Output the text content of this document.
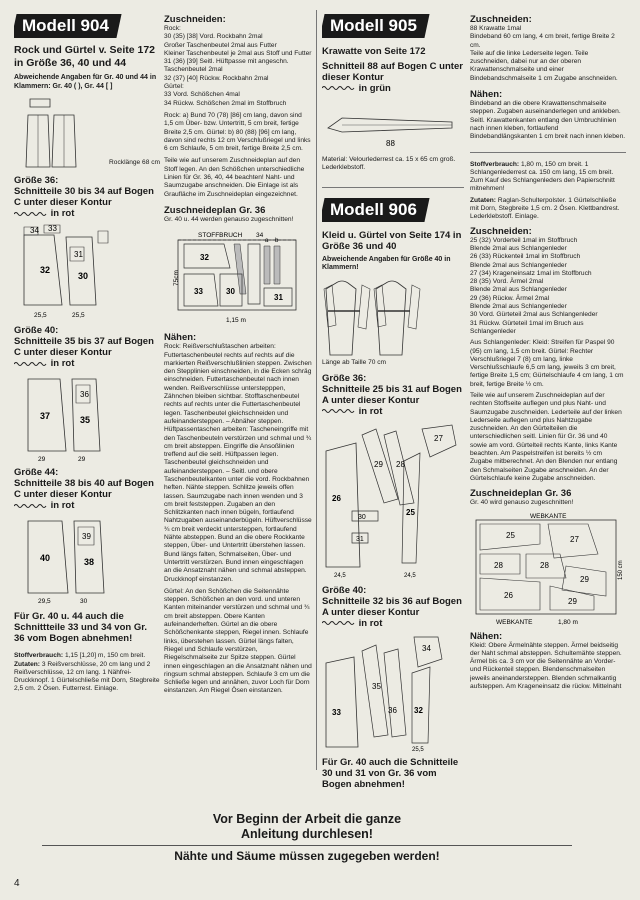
Modell 904

Rock und Gürtel v. Seite 172 in Größe 36, 40 und 44

Abweichende Angaben für Gr. 40 und 44 in Klammern: Gr. 40 ( ), Gr. 44 [ ]

Rocklänge 68 cm

Größe 36:

Schnitteile 30 bis 34 auf Bogen C unter dieser Kontur

in rot

34 33
32
31
30
25,5	25,5

Größe 40:

Schnitteile 35 bis 37 auf Bogen C unter dieser Kontur

in rot

36
37	35
29	29

Größe 44:

Schnitteile 38 bis 40 auf Bogen C unter dieser Kontur

in rot

39
40	38
29,5	30

Für Gr. 40 u. 44 auch die Schnittteile 33 und 34 von Gr. 36 vom Bogen abnehmen!

Stoffverbrauch: 1,15 [1,20] m, 150 cm breit.

Zutaten: 3 Reißverschlüsse, 20 cm lang und 2 Reißverschlüsse, 12 cm lang. 1 Nähfrei-Druckknopf. 1 Gürtelschließe mit Dorn, Stegbreite 2,5 cm. 2 Ösen. Futterrest. Einlage.

Zuschneiden:

Rock:
30 (35) [38] Vord. Rockbahn 2mal
Großer Taschenbeutel 2mal aus Futter
Kleiner Taschenbeutel je 2mal aus Stoff und Futter
31 (36) [39] Seitl. Hüftpasse mit angeschn. Taschenbeutel 2mal
32 (37) [40] Rückw. Rockbahn 2mal
Gürtel:
33 Vord. Schößchen 4mal
34 Rückw. Schößchen 2mal im Stoffbruch

Rock: a) Bund 70 (78) [86] cm lang, davon sind 1,5 cm Über- bzw. Untertritt, 5 cm breit, fertige Breite 2,5 cm. Gürtel: b) 80 (88) [96] cm lang, davon sind rechts 12 cm Verschlußriegel und links 6 cm Schlaufe, 5 cm breit, fertige Breite 2,5 cm.

Teile wie auf unserem Zuschneideplan auf den Stoff legen. An den Schößchen unterschiedliche Linien für Gr. 36, 40, 44 beachten! Naht- und Saumzugabe anschneiden. Die Einlage ist als Graufläche im Zuschneideplan eingezeichnet.

Zuschneideplan Gr. 36

Gr. 40 u. 44 werden genauso zugeschnitten!

STOFFBRUCH 34
75cm
32
33	30
31
a b
1,15 m

Nähen:

Rock: Reißverschlußtaschen arbeiten: Futtertaschenbeutel rechts auf rechts auf die markierten Reißverschlußlinien steppen. Zwischen den Stepplinien einschneiden, in die Ecken schräg einschneiden. Futtertaschenbeutel nach innen wenden. Reißverschlüsse unterstepppen, Zähnchen bleiben sichtbar. Stofftaschenbeutel rechts auf rechts unter die Futtertaschenbeutel legen. Taschenbeutel gleichschneiden und aufeinandersteppen. – Abnäher steppen. Hüftpassentaschen arbeiten: Tascheneingriffe mit den Taschenbeuteln verstürzen und schmal und ¾ cm breit absteppen. Eingriffe die Ansoßlinien treffend auf die seitl. Hüftpassen legen. Taschenbeutel gleichschneiden und aufeinandersteppen. – Seitl. und obere Taschenbeutelkanten unter die vord. Rockbahnen heften. Nähte steppen. Schlitze jeweils offen lassen. Saumzugabe nach innen wenden und 3 cm breit feststeppen. Zugaben an den Schlitzkanten nach innen bügeln, fortlaufend Nahtzugaben auseinanderbügeln. Hüftverschlüsse ¾ cm breit verdeckt untersteppen, fortlaufend Nähte absteppen. Bund an die obere Rockkante steppen, Über- und Untertritt überstehen lassen. Bund längs falten, Schmalseiten, Über- und Untertritt verstürzen. Bund innen eingeschlagen an die Ansatznaht nähen und schmal absteppen. Druckknopf einstanzen.

Gürtel: An den Schößchen die Seitennähte steppen. Schößchen an den vord. und unteren Kanten miteinander verstürzen und schmal und ¾ cm breit absteppen. Obere Kanten aufeinanderheften. Gürtel an die obere Schößchenkante steppen, Riegel innen. Schlaufe links, überstehen lassen. Gürtel längs falten, Riegel und Schlaufe verstürzen, Riegelschmalseite zur Spitze steppen. Gürtel innen eingeschlagen an die Ansatznaht nähen und ringsum schmal absteppen. Schlaufe 3 cm um die Schließe legen und annähen, zuvor Loch für Dorn einstanzen. Am Riegel Ösen einstanzen.

Modell 905

Krawatte von Seite 172

Schnitteil 88 auf Bogen C unter dieser Kontur

in grün

88

Material: Velourlederrest ca. 15 x 65 cm groß. Lederklebstoff.

Modell 906

Kleid u. Gürtel von Seite 174 in Größe 36 und 40

Abweichende Angaben für Größe 40 in Klammern!

Länge ab Taille 70 cm

Größe 36:

Schnitteile 25 bis 31 auf Bogen A unter dieser Kontur

in rot

27
29 28
26
25
30
31
24,5	24,5

Größe 40:

Schnitteile 32 bis 36 auf Bogen A unter dieser Kontur

in rot

34
35
33	36 32
25,5

Für Gr. 40 auch die Schnitteile 30 und 31 von Gr. 36 vom Bogen abnehmen!

Zuschneiden:

88 Krawatte 1mal
Bindeband 60 cm lang, 4 cm breit, fertige Breite 2 cm.
Teile auf die linke Lederseite legen. Teile zuschneiden, dabei nur an der oberen Krawattenschmalseite und einer Bindebandschmalseite 1 cm Zugabe anschneiden.

Nähen:

Bindeband an die obere Krawattenschmalseite steppen. Zugaben auseinanderlegen und ankleben. Seitl. Krawattenkanten entlang den Umbruchlinien nach innen kleben, fortlaufend Bindebandlängskanten 1 cm breit nach innen kleben.

Stoffverbrauch: 1,80 m, 150 cm breit. 1 Schlangenlederrest ca. 150 cm lang, 15 cm breit. Zum Kauf des Schlangenleders den Papierschnitt mitnehmen!

Zutaten: Raglan-Schulterpolster. 1 Gürtelschließe mit Dorn, Stegbreite 1,5 cm. 2 Ösen. Klettbandrest. Lederklebstoff. Einlage.

Zuschneiden:

25 (32) Vorderteil 1mal im Stoffbruch
Blende 2mal aus Schlangenleder
26 (33) Rückenteil 1mal im Stoffbruch
Blende 2mal aus Schlangenleder
27 (34) Krageneinsatz 1mal im Stoffbruch
28 (35) Vord. Ärmel 2mal
Blende 2mal aus Schlangenleder
29 (36) Rückw. Ärmel 2mal
Blende 2mal aus Schlangenleder
30 Vord. Gürteteil 2mal aus Schlangenleder
31 Rückw. Gürteteil 1mal im Bruch aus Schlangenleder

Aus Schlangenleder: Kleid: Streifen für Paspel 90 (95) cm lang, 1,5 cm breit. Gürtel: Rechter Verschlußriegel 7 (8) cm lang, linke Verschlußschlaufe 6,5 cm lang, jeweils 3 cm breit, fertige Breite 1,5 cm; Gürtelschlaufe 4 cm lang, 1 cm breit, fertige Breite ½ cm.

Teile wie auf unserem Zuschneideplan auf der rechten Stoffseite auflegen und plus Naht- und Saumzugabe zuschneiden. Lederteile auf der linken Lederseite auflegen und plus Nahtzugabe zuschneiden. An den Gürtelteilen die unterschiedlichen seitl. Linien für Gr. 36 und 40 sowie am vord. Gürtelteil rechts Kante, links Kante beachten. Am Paspelstreifen ist bereits ½ cm Zugabe mitberechnet. An den Blenden nur entlang den Schmalseiten Zugabe anschneiden. An der Gürtelschlaufe keine Zugabe anschneiden.

Zuschneideplan Gr. 36

Gr. 40 wird genauso zugeschnitten!

WEBKANTE
27
25
28
26
29
28
29
150 cm
WEBKANTE	1,80 m

Nähen:

Kleid: Obere Ärmelnähte steppen. Ärmel beidseitig der Naht schmal absteppen. Schultemähte steppen. Ärmel bis ca. 3 cm vor die Seitennähte an Vorder- und Rückenteil steppen. Blendenschmalseiten jeweils aneinandersteppen. Blenden schmalkantig aufsteppen. Am Krageneinsatz die rückw. Mittelnaht

Vor Beginn der Arbeit die ganze
Anleitung durchlesen!
Nähte und Säume müssen zugegeben werden!
4
